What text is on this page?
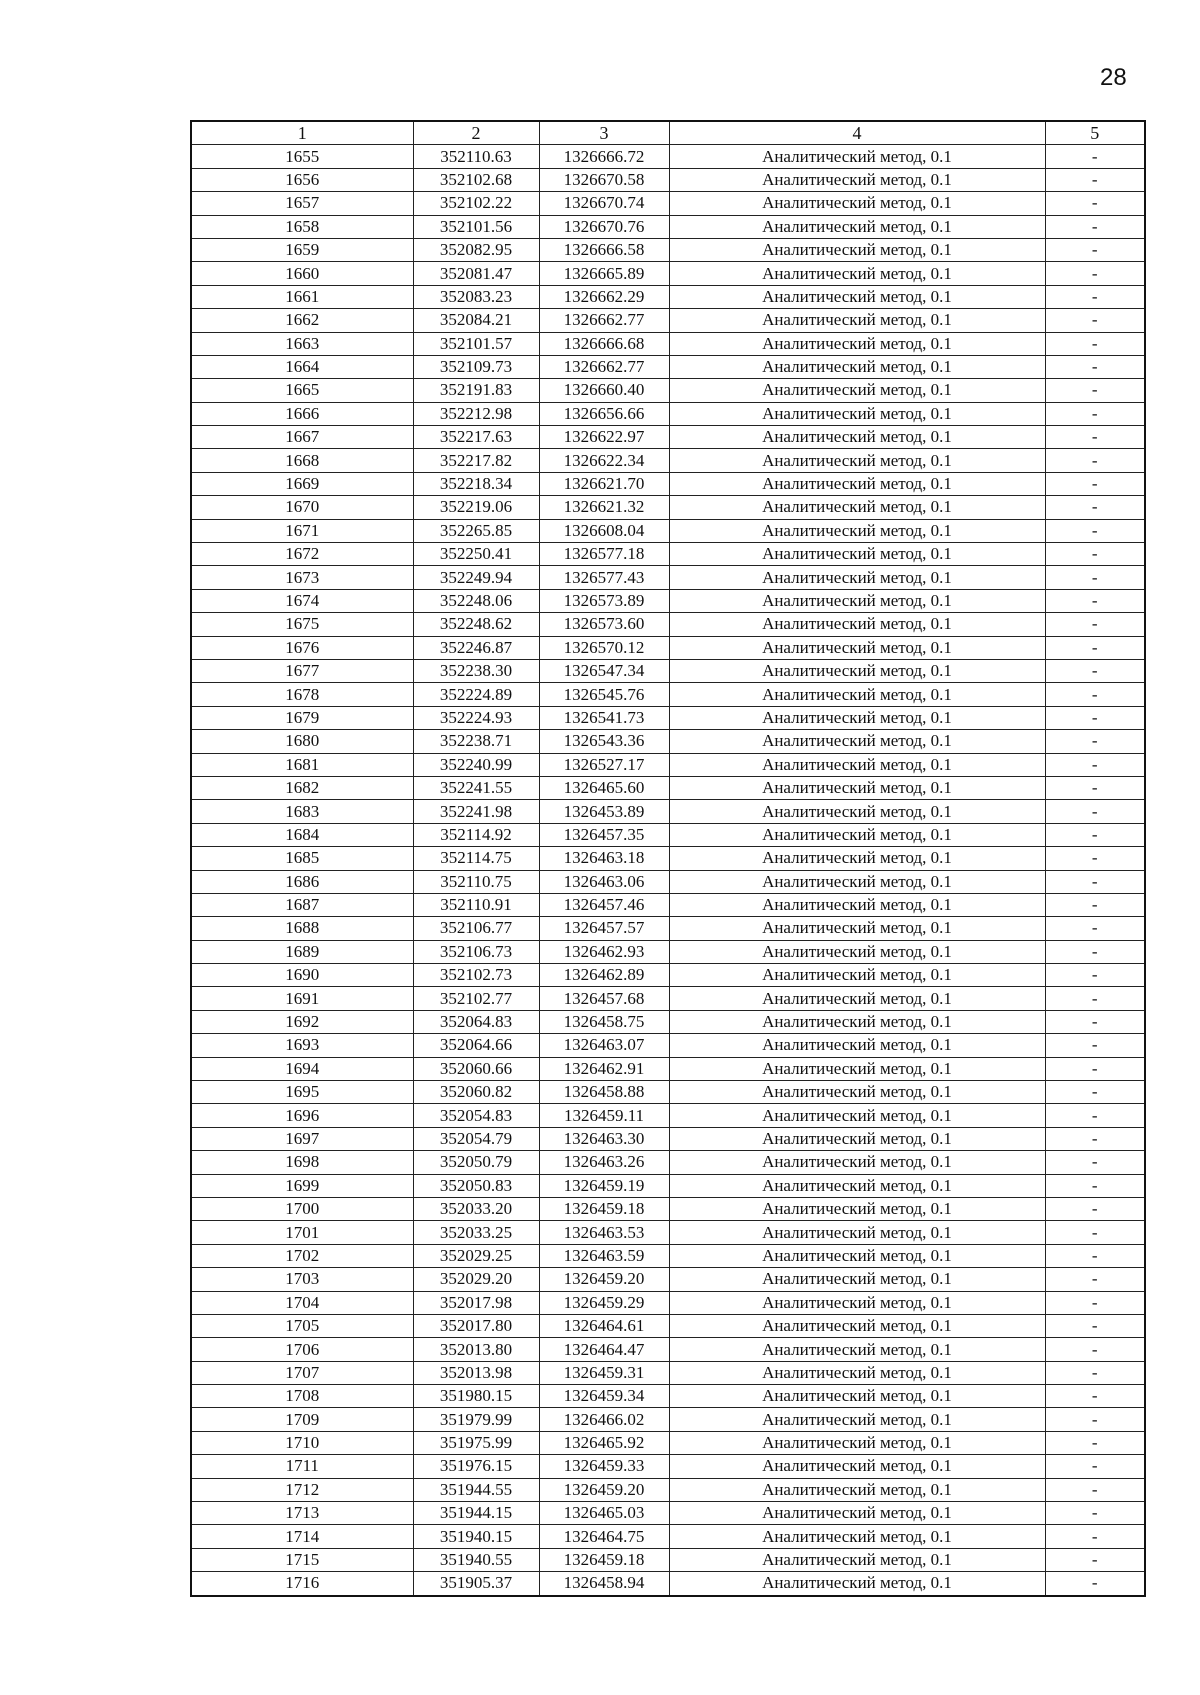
28
1	2	3	4	5
1655	352110.63	1326666.72	Аналитический метод, 0.1	-
1656	352102.68	1326670.58	Аналитический метод, 0.1	-
1657	352102.22	1326670.74	Аналитический метод, 0.1	-
1658	352101.56	1326670.76	Аналитический метод, 0.1	-
1659	352082.95	1326666.58	Аналитический метод, 0.1	-
1660	352081.47	1326665.89	Аналитический метод, 0.1	-
1661	352083.23	1326662.29	Аналитический метод, 0.1	-
1662	352084.21	1326662.77	Аналитический метод, 0.1	-
1663	352101.57	1326666.68	Аналитический метод, 0.1	-
1664	352109.73	1326662.77	Аналитический метод, 0.1	-
1665	352191.83	1326660.40	Аналитический метод, 0.1	-
1666	352212.98	1326656.66	Аналитический метод, 0.1	-
1667	352217.63	1326622.97	Аналитический метод, 0.1	-
1668	352217.82	1326622.34	Аналитический метод, 0.1	-
1669	352218.34	1326621.70	Аналитический метод, 0.1	-
1670	352219.06	1326621.32	Аналитический метод, 0.1	-
1671	352265.85	1326608.04	Аналитический метод, 0.1	-
1672	352250.41	1326577.18	Аналитический метод, 0.1	-
1673	352249.94	1326577.43	Аналитический метод, 0.1	-
1674	352248.06	1326573.89	Аналитический метод, 0.1	-
1675	352248.62	1326573.60	Аналитический метод, 0.1	-
1676	352246.87	1326570.12	Аналитический метод, 0.1	-
1677	352238.30	1326547.34	Аналитический метод, 0.1	-
1678	352224.89	1326545.76	Аналитический метод, 0.1	-
1679	352224.93	1326541.73	Аналитический метод, 0.1	-
1680	352238.71	1326543.36	Аналитический метод, 0.1	-
1681	352240.99	1326527.17	Аналитический метод, 0.1	-
1682	352241.55	1326465.60	Аналитический метод, 0.1	-
1683	352241.98	1326453.89	Аналитический метод, 0.1	-
1684	352114.92	1326457.35	Аналитический метод, 0.1	-
1685	352114.75	1326463.18	Аналитический метод, 0.1	-
1686	352110.75	1326463.06	Аналитический метод, 0.1	-
1687	352110.91	1326457.46	Аналитический метод, 0.1	-
1688	352106.77	1326457.57	Аналитический метод, 0.1	-
1689	352106.73	1326462.93	Аналитический метод, 0.1	-
1690	352102.73	1326462.89	Аналитический метод, 0.1	-
1691	352102.77	1326457.68	Аналитический метод, 0.1	-
1692	352064.83	1326458.75	Аналитический метод, 0.1	-
1693	352064.66	1326463.07	Аналитический метод, 0.1	-
1694	352060.66	1326462.91	Аналитический метод, 0.1	-
1695	352060.82	1326458.88	Аналитический метод, 0.1	-
1696	352054.83	1326459.11	Аналитический метод, 0.1	-
1697	352054.79	1326463.30	Аналитический метод, 0.1	-
1698	352050.79	1326463.26	Аналитический метод, 0.1	-
1699	352050.83	1326459.19	Аналитический метод, 0.1	-
1700	352033.20	1326459.18	Аналитический метод, 0.1	-
1701	352033.25	1326463.53	Аналитический метод, 0.1	-
1702	352029.25	1326463.59	Аналитический метод, 0.1	-
1703	352029.20	1326459.20	Аналитический метод, 0.1	-
1704	352017.98	1326459.29	Аналитический метод, 0.1	-
1705	352017.80	1326464.61	Аналитический метод, 0.1	-
1706	352013.80	1326464.47	Аналитический метод, 0.1	-
1707	352013.98	1326459.31	Аналитический метод, 0.1	-
1708	351980.15	1326459.34	Аналитический метод, 0.1	-
1709	351979.99	1326466.02	Аналитический метод, 0.1	-
1710	351975.99	1326465.92	Аналитический метод, 0.1	-
1711	351976.15	1326459.33	Аналитический метод, 0.1	-
1712	351944.55	1326459.20	Аналитический метод, 0.1	-
1713	351944.15	1326465.03	Аналитический метод, 0.1	-
1714	351940.15	1326464.75	Аналитический метод, 0.1	-
1715	351940.55	1326459.18	Аналитический метод, 0.1	-
1716	351905.37	1326458.94	Аналитический метод, 0.1	-
